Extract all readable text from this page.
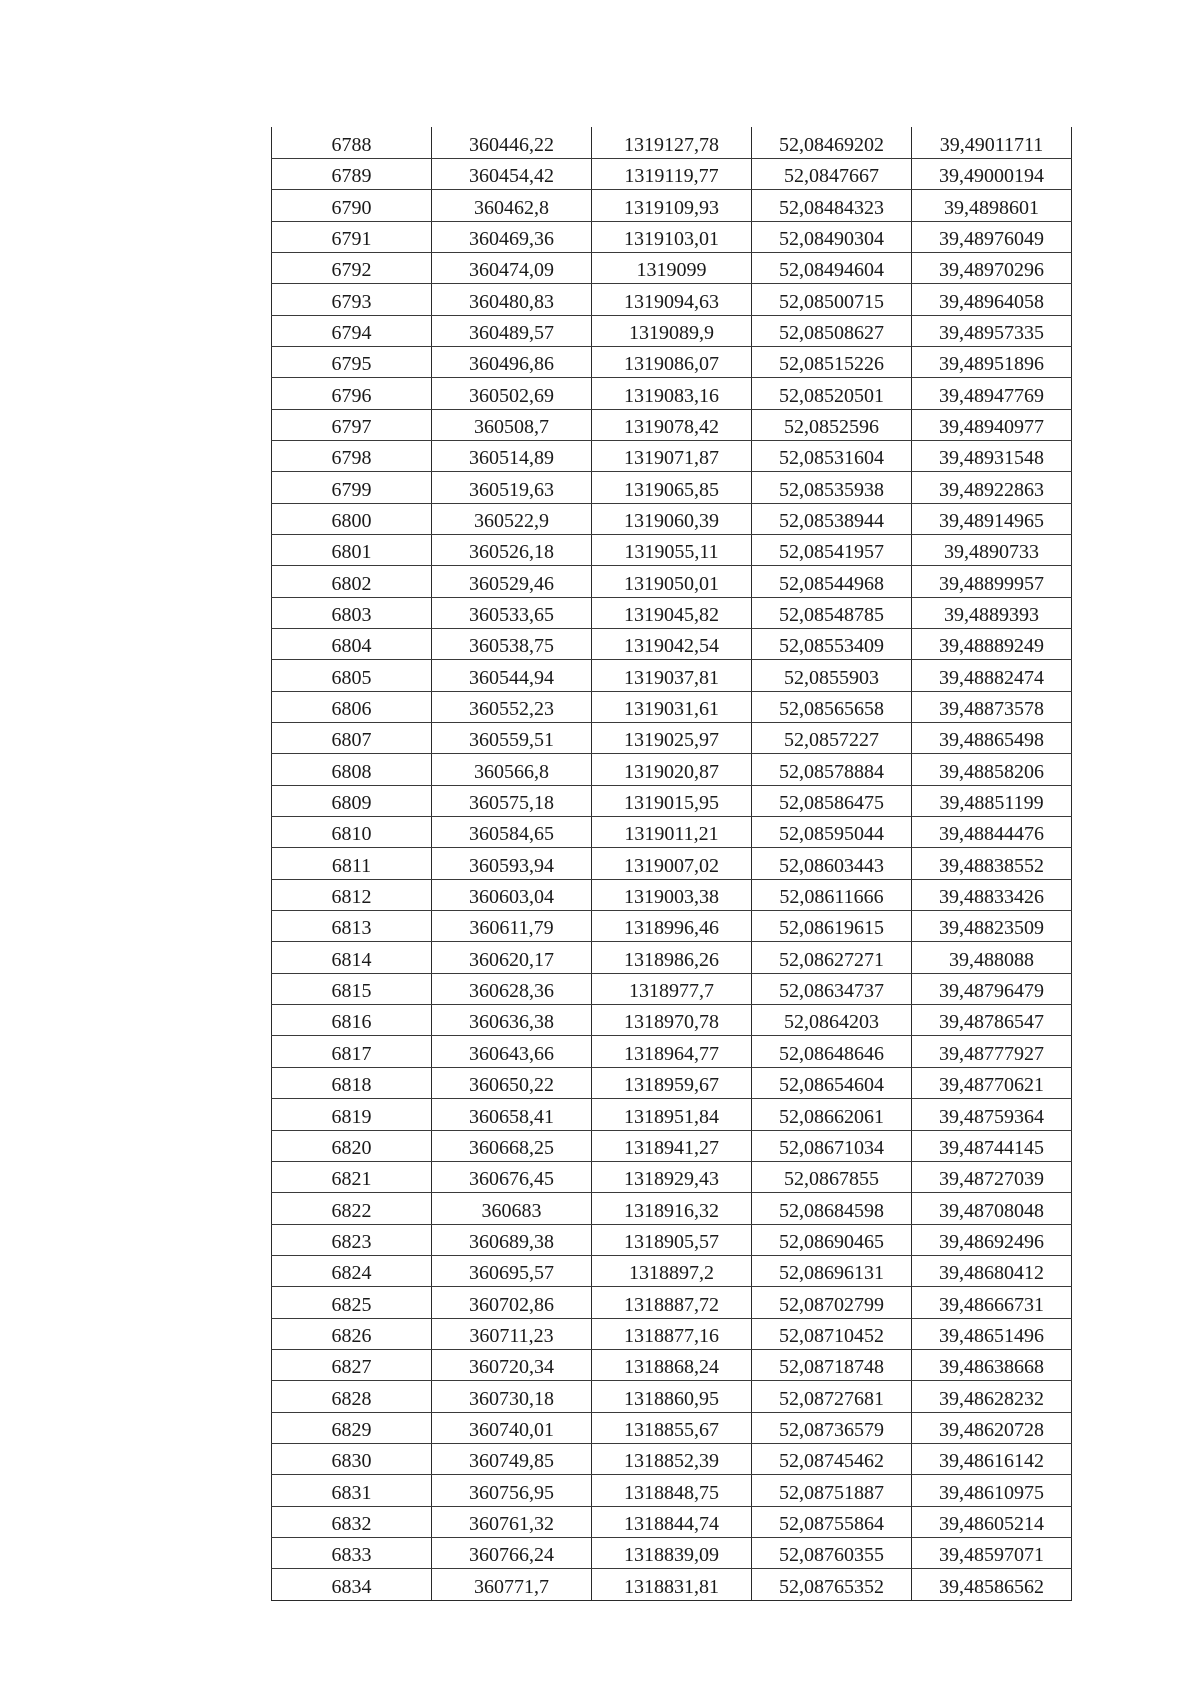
6788	360446,22	1319127,78	52,08469202	39,49011711
6789	360454,42	1319119,77	52,0847667	39,49000194
6790	360462,8	1319109,93	52,08484323	39,4898601
6791	360469,36	1319103,01	52,08490304	39,48976049
6792	360474,09	1319099	52,08494604	39,48970296
6793	360480,83	1319094,63	52,08500715	39,48964058
6794	360489,57	1319089,9	52,08508627	39,48957335
6795	360496,86	1319086,07	52,08515226	39,48951896
6796	360502,69	1319083,16	52,08520501	39,48947769
6797	360508,7	1319078,42	52,0852596	39,48940977
6798	360514,89	1319071,87	52,08531604	39,48931548
6799	360519,63	1319065,85	52,08535938	39,48922863
6800	360522,9	1319060,39	52,08538944	39,48914965
6801	360526,18	1319055,11	52,08541957	39,4890733
6802	360529,46	1319050,01	52,08544968	39,48899957
6803	360533,65	1319045,82	52,08548785	39,4889393
6804	360538,75	1319042,54	52,08553409	39,48889249
6805	360544,94	1319037,81	52,0855903	39,48882474
6806	360552,23	1319031,61	52,08565658	39,48873578
6807	360559,51	1319025,97	52,0857227	39,48865498
6808	360566,8	1319020,87	52,08578884	39,48858206
6809	360575,18	1319015,95	52,08586475	39,48851199
6810	360584,65	1319011,21	52,08595044	39,48844476
6811	360593,94	1319007,02	52,08603443	39,48838552
6812	360603,04	1319003,38	52,08611666	39,48833426
6813	360611,79	1318996,46	52,08619615	39,48823509
6814	360620,17	1318986,26	52,08627271	39,488088
6815	360628,36	1318977,7	52,08634737	39,48796479
6816	360636,38	1318970,78	52,0864203	39,48786547
6817	360643,66	1318964,77	52,08648646	39,48777927
6818	360650,22	1318959,67	52,08654604	39,48770621
6819	360658,41	1318951,84	52,08662061	39,48759364
6820	360668,25	1318941,27	52,08671034	39,48744145
6821	360676,45	1318929,43	52,0867855	39,48727039
6822	360683	1318916,32	52,08684598	39,48708048
6823	360689,38	1318905,57	52,08690465	39,48692496
6824	360695,57	1318897,2	52,08696131	39,48680412
6825	360702,86	1318887,72	52,08702799	39,48666731
6826	360711,23	1318877,16	52,08710452	39,48651496
6827	360720,34	1318868,24	52,08718748	39,48638668
6828	360730,18	1318860,95	52,08727681	39,48628232
6829	360740,01	1318855,67	52,08736579	39,48620728
6830	360749,85	1318852,39	52,08745462	39,48616142
6831	360756,95	1318848,75	52,08751887	39,48610975
6832	360761,32	1318844,74	52,08755864	39,48605214
6833	360766,24	1318839,09	52,08760355	39,48597071
6834	360771,7	1318831,81	52,08765352	39,48586562
